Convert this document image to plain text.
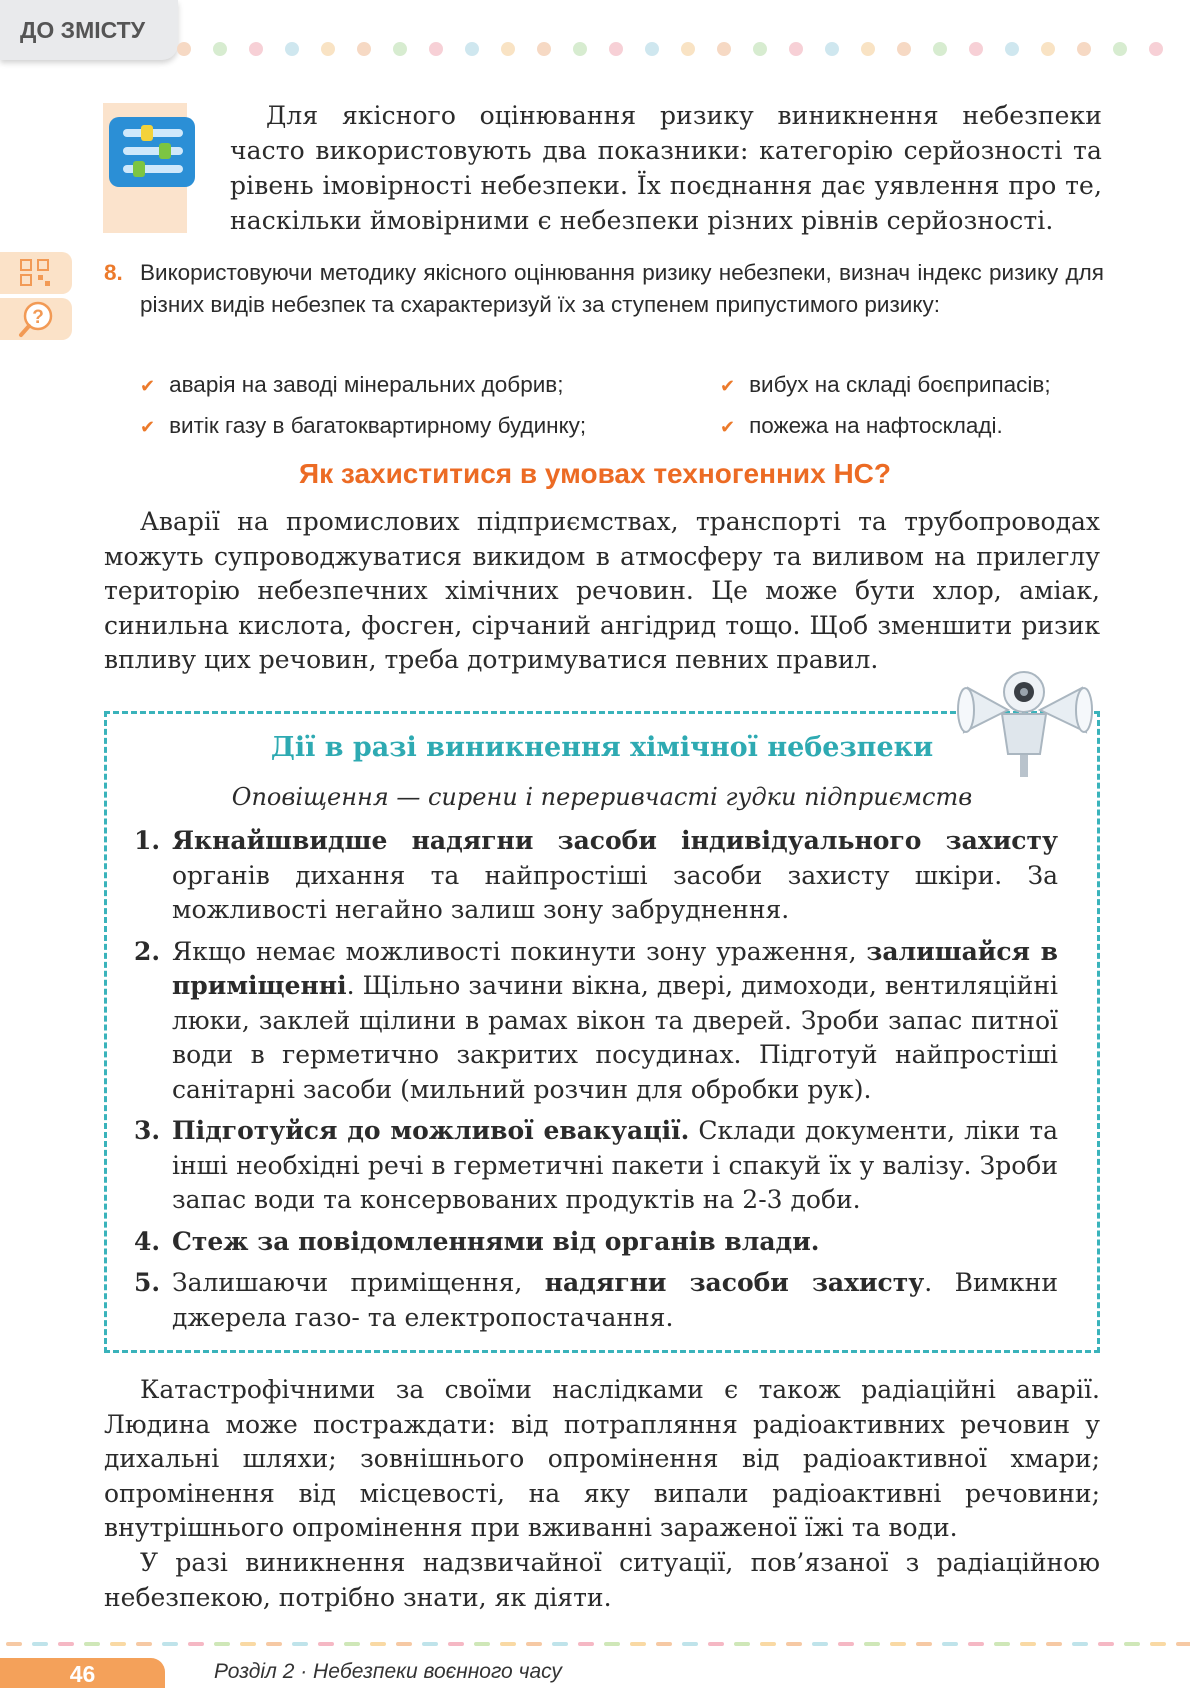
ДО ЗМІСТУ

Для якісного оцінювання ризику виникнення небезпеки часто використовують два показники: категорію серйозності та рівень імовірності небезпеки. Їх поєднання дає уявлення про те, наскільки ймовірними є небезпеки різних рівнів серйозності.

?
8. Використовуючи методику якісного оцінювання ризику небезпеки, визнач індекс ризику для різних видів небезпек та схарактеризуй їх за ступенем припустимого ризику:
✔ аварія на заводі мінеральних добрив;	✔ вибух на складі боєприпасів;
✔ витік газу в багатоквартирному будинку;	✔ пожежа на нафтоскладі.
Як захиститися в умовах техногенних НС?

Аварії на промислових підприємствах, транспорті та трубопроводах можуть супроводжуватися викидом в атмосферу та виливом на прилеглу територію небезпечних хімічних речовин. Це може бути хлор, аміак, синильна кислота, фосген, сірчаний ангідрид тощо. Щоб зменшити ризик впливу цих речовин, треба дотримуватися певних правил.

Дії в разі виникнення хімічної небезпеки

Оповіщення — сирени і переривчасті гудки підприємств

1. Якнайшвидше надягни засоби індивідуального захисту органів дихання та найпростіші засоби захисту шкіри. За можливості негайно залиш зону забруднення.
2. Якщо немає можливості покинути зону ураження, залишайся в приміщенні. Щільно зачини вікна, двері, димоходи, вентиляційні люки, заклей щілини в рамах вікон та дверей. Зроби запас питної води в герметично закритих посудинах. Підготуй найпростіші санітарні засоби (мильний розчин для обробки рук).
3. Підготуйся до можливої евакуації. Склади документи, ліки та інші необхідні речі в герметичні пакети і спакуй їх у валізу. Зроби запас води та консервованих продуктів на 2-3 доби.
4. Стеж за повідомленнями від органів влади.
5. Залишаючи приміщення, надягни засоби захисту. Вимкни джерела газо- та електропостачання.

Катастрофічними за своїми наслідками є також радіаційні аварії. Людина може постраждати: від потрапляння радіоактивних речовин у дихальні шляхи; зовнішнього опромінення від радіоактивної хмари; опромінення від місцевості, на яку випали радіоактивні речовини; внутрішнього опромінення при вживанні зараженої їжі та води.

У разі виникнення надзвичайної ситуації, пов’язаної з радіаційною небезпекою, потрібно знати, як діяти.

46	Розділ 2 · Небезпеки воєнного часу
